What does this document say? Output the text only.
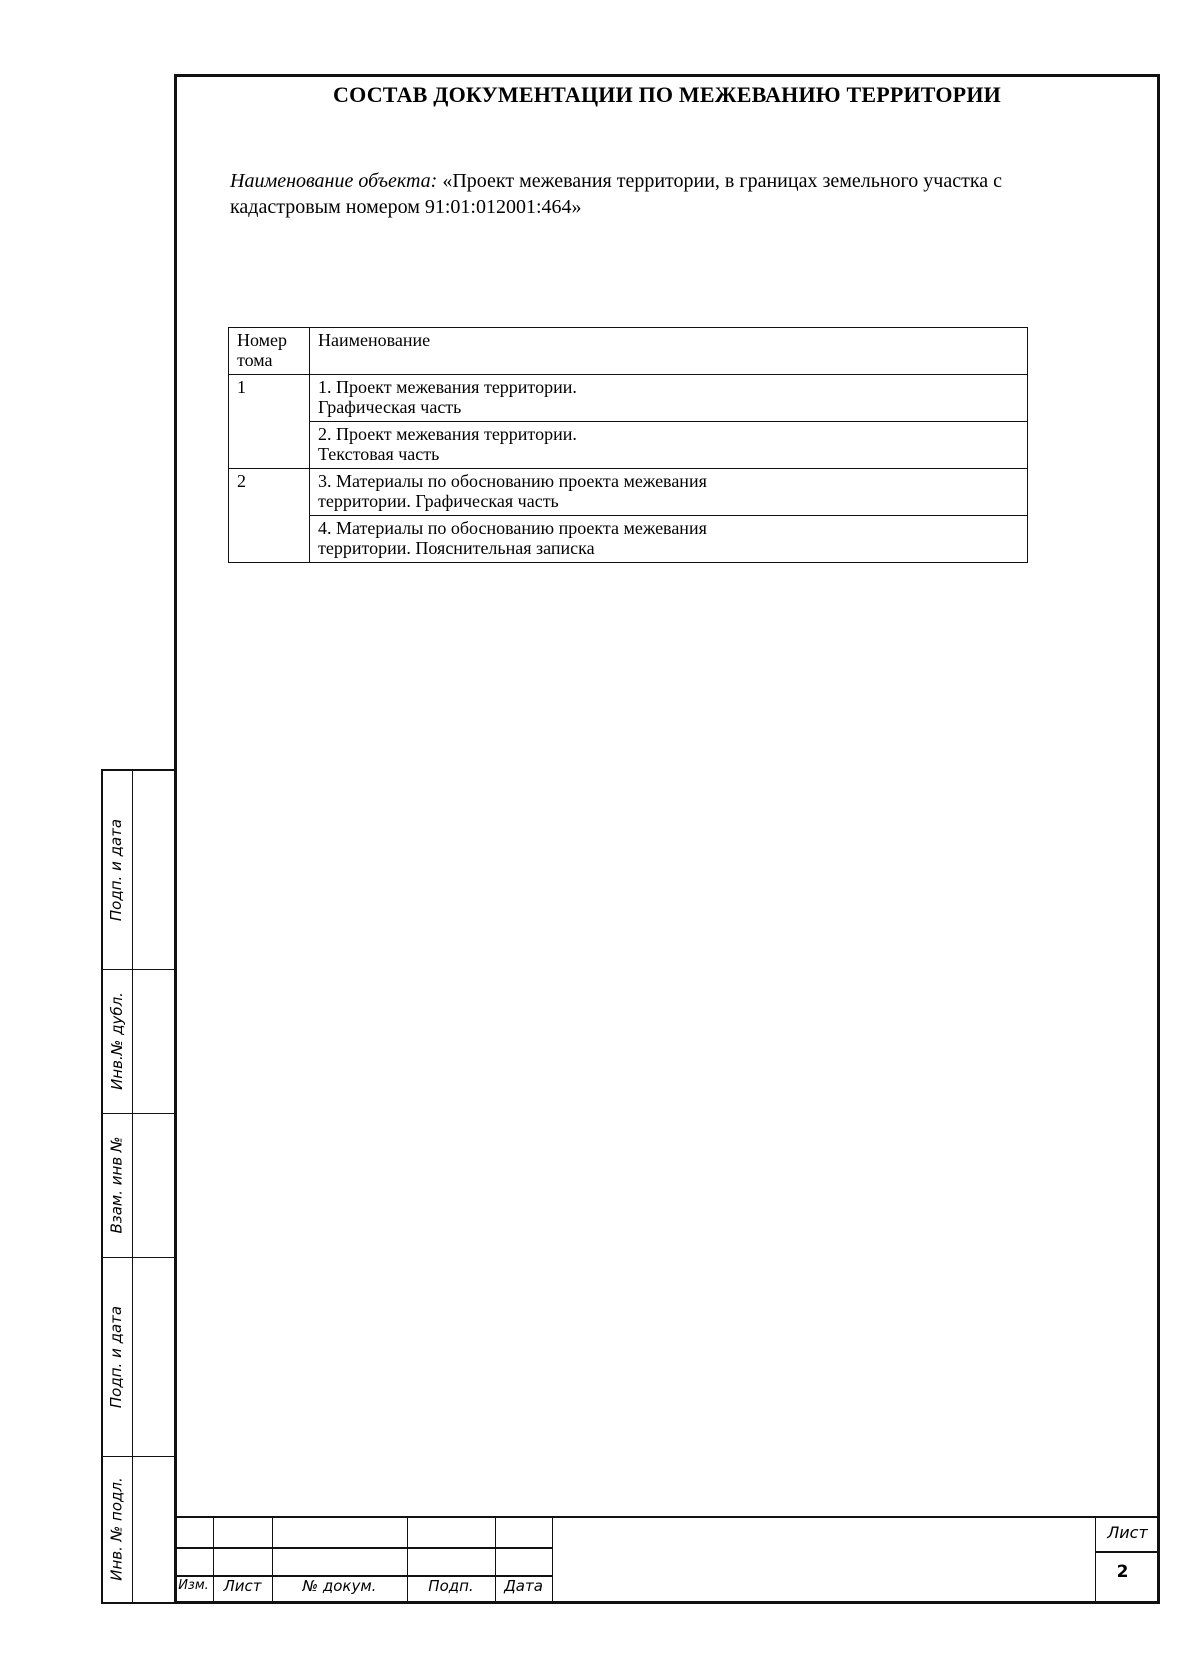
СОСТАВ ДОКУМЕНТАЦИИ ПО МЕЖЕВАНИЮ ТЕРРИТОРИИ
Наименование объекта: «Проект межевания территории, в границах земельного участка с
кадастровым номером 91:01:012001:464»
Номер
тома	Наименование

1	1. Проект межевания территории.
Графическая часть
	2. Проект межевания территории.
Текстовая часть
2	3. Материалы по обоснованию проекта межевания
территории. Графическая часть
	4. Материалы по обоснованию проекта межевания
территории. Пояснительная записка
Подп. и дата
Инв.№ дубл.
Взам. инв №
Подп. и дата
Инв. № подл.
Изм. Лист	№ докум.	Подп.	Дата
Лист
2
